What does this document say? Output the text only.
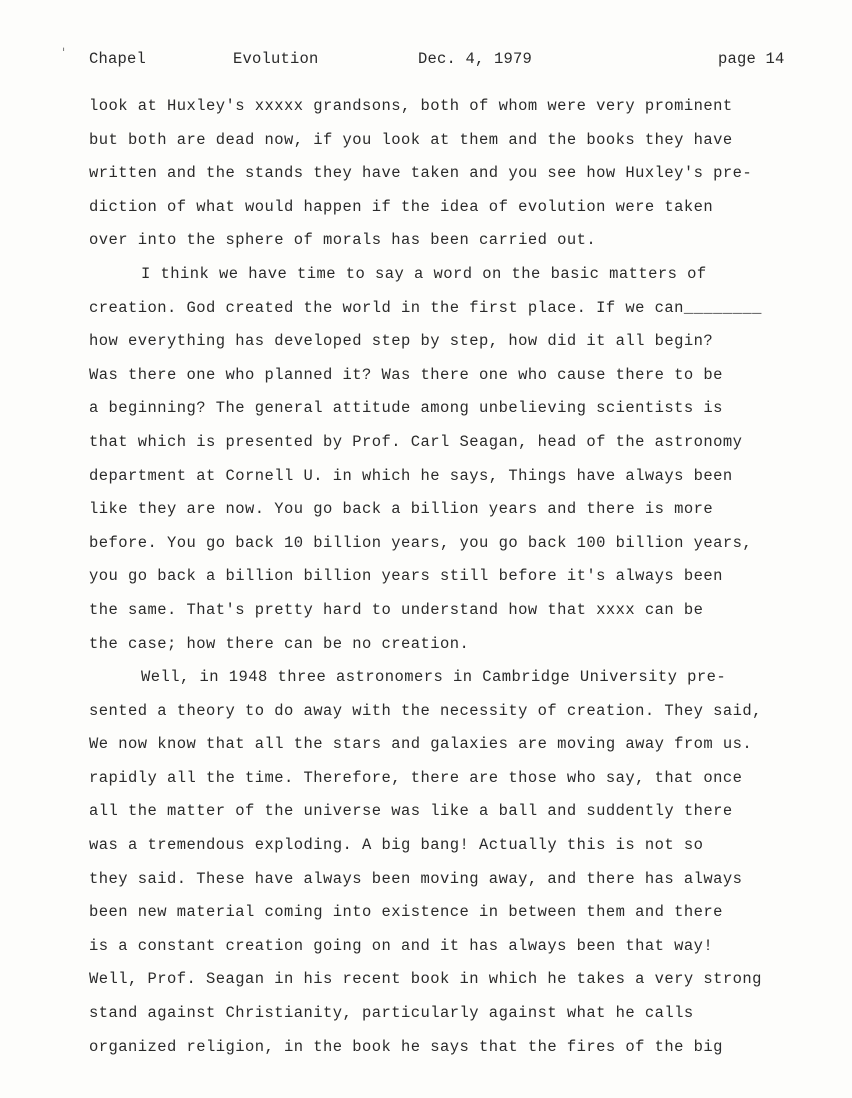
ˈ Chapel	Evolution	Dec. 4, 1979	page 14
look at Huxley's xxxxx grandsons, both of whom were very prominent
but both are dead now, if you look at them and the books they have
written and the stands they have taken and you see how Huxley's pre-
diction of what would happen if the idea of evolution were taken
over into the sphere of morals has been carried out.
I think we have time to say a word on the basic matters of
creation. God created the world in the first place. If we can________
how everything has developed step by step, how did it all begin?
Was there one who planned it? Was there one who cause there to be
a beginning? The general attitude among unbelieving scientists is
that which is presented by Prof. Carl Seagan, head of the astronomy
department at Cornell U. in which he says, Things have always been
like they are now. You go back a billion years and there is more
before. You go back 10 billion years, you go back 100 billion years,
you go back a billion billion years still before it's always been
the same. That's pretty hard to understand how that xxxx can be
the case; how there can be no creation.
Well, in 1948 three astronomers in Cambridge University pre-
sented a theory to do away with the necessity of creation. They said,
We now know that all the stars and galaxies are moving away from us.
rapidly all the time. Therefore, there are those who say, that once
all the matter of the universe was like a ball and suddently there
was a tremendous exploding. A big bang! Actually this is not so
they said. These have always been moving away, and there has always
been new material coming into existence in between them and there
is a constant creation going on and it has always been that way!
Well, Prof. Seagan in his recent book in which he takes a very strong
stand against Christianity, particularly against what he calls
organized religion, in the book he says that the fires of the big
